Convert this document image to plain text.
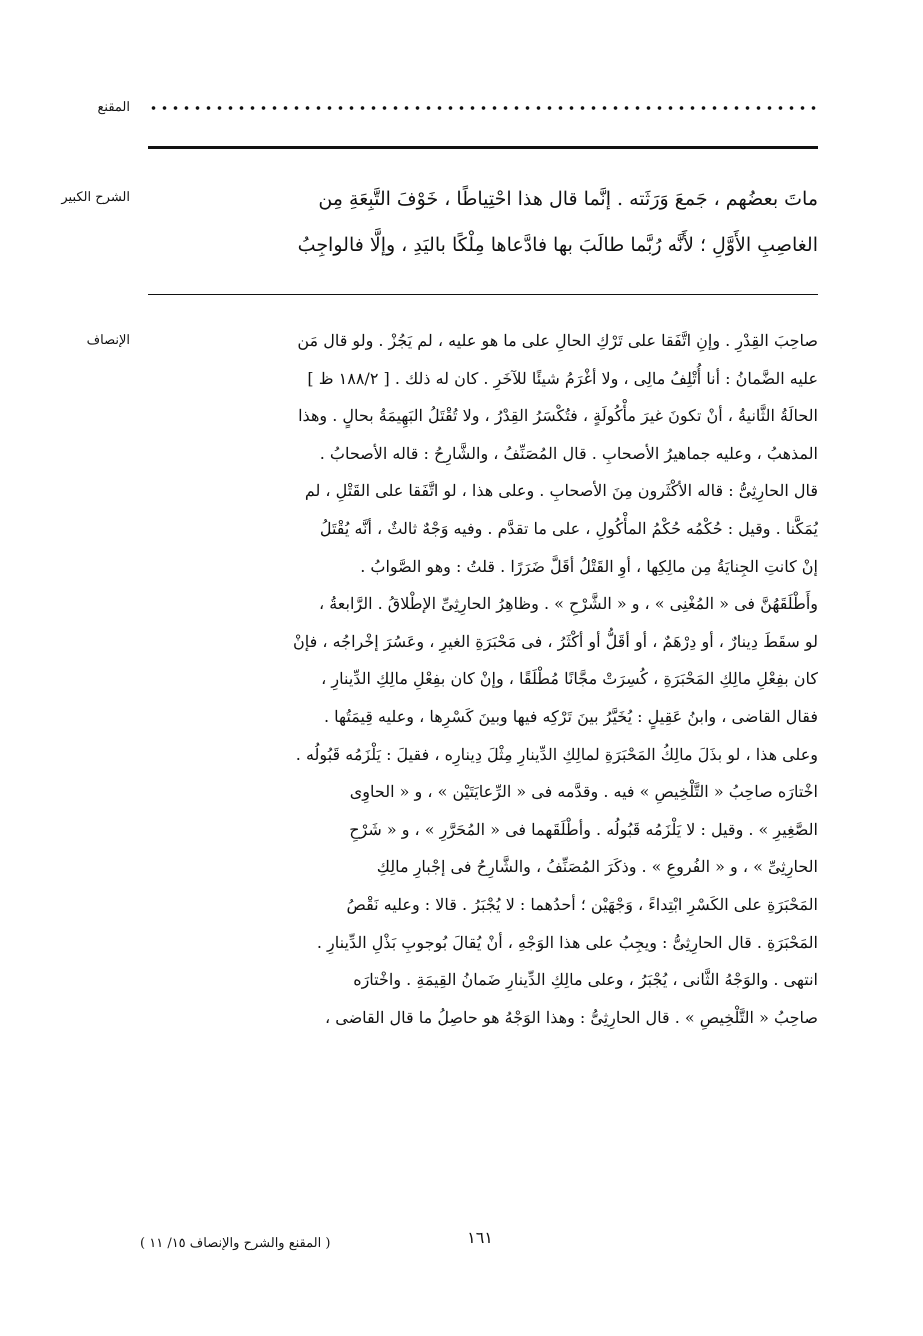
المقنع
الشرح الكبير	ماتَ بعضُهم ، جَمعَ وَرَثَته . إنَّما قال هذا احْتِياطًا ، خَوْفَ التَّبِعَةِ مِن
الغاصِبِ الأَوَّلِ ؛ لأَنَّه رُبَّما طالَبَ بها فادَّعاها مِلْكًا باليَدِ ، وإلَّا فالواجِبُ
الإنصاف	صاحِبَ القِدْرِ . وإنِ اتَّفَقا على تَرْكِ الحالِ على ما هو عليه ، لم يَجُزْ . ولو قال مَن
عليه الضَّمانُ : أنا أُتْلِفُ مالِى ، ولا أغْرَمُ شيئًا للآخَرِ . كان له ذلك . [ ١٨٨/٢ ظ ]
الحالَةُ الثَّانيةُ ، أنْ تكونَ غيرَ مأْكُولَةٍ ، فتُكْسَرُ القِدْرُ ، ولا تُقْتَلُ البَهِيمَةُ بحالٍ . وهذا
المذهبُ ، وعليه جماهيرُ الأصحابِ . قال المُصَنِّفُ ، والشَّارِحُ : قاله الأصحابُ .
قال الحارِثِىُّ : قاله الأكْثَرون مِنَ الأصحابِ . وعلى هذا ، لو اتَّفَقا على القَتْلِ ، لم
يُمَكَّنا . وقيل : حُكْمُه حُكْمُ المأْكُولِ ، على ما تقدَّم . وفيه وَجْهٌ ثالثٌ ، أنَّه يُقْتَلُ
إنْ كانتِ الجِنايَةُ مِن مالِكِها ، أوِ القَتْلُ أقَلَّ ضَرَرًا . قلتُ : وهو الصَّوابُ .
وأَطْلَقَهُنَّ فى « المُغْنِى » ، و « الشَّرْحِ » . وظاهِرُ الحارِثِىِّ الإطْلاقُ . الرَّابعةُ ،
لو سقَطَ دِينارٌ ، أو دِرْهَمٌ ، أو أقَلُّ أو أكْثَرُ ، فى مَحْبَرَةِ الغيرِ ، وعَسُرَ إخْراجُه ، فإنْ
كان بفِعْلِ مالِكِ المَحْبَرَةِ ، كُسِرَتْ مجَّانًا مُطْلَقًا ، وإنْ كان بفِعْلِ مالِكِ الدِّينارِ ،
فقال القاضى ، وابنُ عَقِيلٍ : يُخَيَّرُ بينَ تَرْكِه فيها وبينَ كَسْرِها ، وعليه قِيمَتُها .
وعلى هذا ، لو بذَلَ مالِكُ المَحْبَرَةِ لمالِكِ الدِّينارِ مِثْلَ دِينارِه ، فقيلَ : يَلْزَمُه قَبُولُه .
اخْتارَه صاحِبُ « التَّلْخِيصِ » فيه . وقدَّمه فى « الرِّعايَتَيْن » ، و « الحاوِى
الصَّغِيرِ » . وقيل : لا يَلْزَمُه قَبُولُه . وأطْلَقَهما فى « المُحَرَّرِ » ، و « شَرْحِ
الحارِثِىِّ » ، و « الفُروعِ » . وذكَرَ المُصَنِّفُ ، والشَّارِحُ فى إجْبارِ مالِكِ
المَحْبَرَةِ على الكَسْرِ ابْتِداءً ، وَجْهَيْن ؛ أحدُهما : لا يُجْبَرُ . قالا : وعليه نَقْصُ
المَحْبَرَةِ . قال الحارِثِىُّ : ويجِبُ على هذا الوَجْهِ ، أنْ يُقالَ بُوجوبِ بَذْلِ الدِّينارِ .
انتهى . والوَجْهُ الثَّانى ، يُجْبَرُ ، وعلى مالِكِ الدِّينارِ ضَمانُ القِيمَةِ . واخْتارَه
صاحِبُ « التَّلْخِيصِ » . قال الحارِثِىُّ : وهذا الوَجْهُ هو حاصِلُ ما قال القاضى ،
١٦١
( المقنع والشرح والإنصاف ١٥/ ١١ )
